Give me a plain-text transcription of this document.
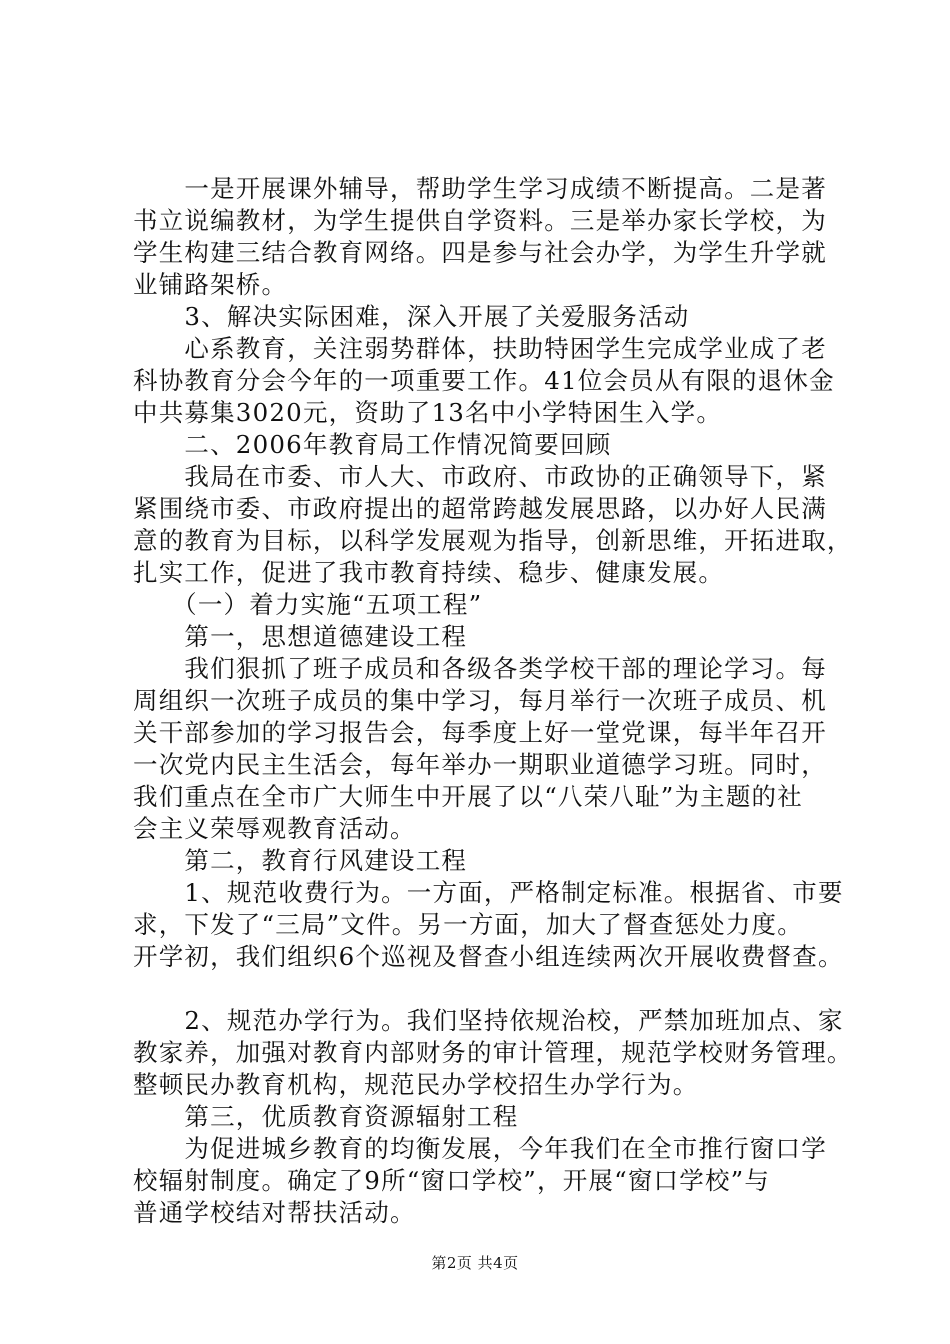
　　一是开展课外辅导，帮助学生学习成绩不断提高。二是著
书立说编教材，为学生提供自学资料。三是举办家长学校，为
学生构建三结合教育网络。四是参与社会办学，为学生升学就
业铺路架桥。
　　3、解决实际困难，深入开展了关爱服务活动
　　心系教育，关注弱势群体，扶助特困学生完成学业成了老
科协教育分会今年的一项重要工作。41位会员从有限的退休金
中共募集3020元，资助了13名中小学特困生入学。
　　二、2006年教育局工作情况简要回顾
　　我局在市委、市人大、市政府、市政协的正确领导下，紧
紧围绕市委、市政府提出的超常跨越发展思路，以办好人民满
意的教育为目标，以科学发展观为指导，创新思维，开拓进取，
扎实工作，促进了我市教育持续、稳步、健康发展。
　　（一）着力实施“五项工程”
　　第一，思想道德建设工程
　　我们狠抓了班子成员和各级各类学校干部的理论学习。每
周组织一次班子成员的集中学习，每月举行一次班子成员、机
关干部参加的学习报告会，每季度上好一堂党课，每半年召开
一次党内民主生活会，每年举办一期职业道德学习班。同时，
我们重点在全市广大师生中开展了以“八荣八耻”为主题的社
会主义荣辱观教育活动。
　　第二，教育行风建设工程
　　1、规范收费行为。一方面，严格制定标准。根据省、市要
求，下发了“三局”文件。另一方面，加大了督查惩处力度。
开学初，我们组织6个巡视及督查小组连续两次开展收费督查。
　　2、规范办学行为。我们坚持依规治校，严禁加班加点、家
教家养，加强对教育内部财务的审计管理，规范学校财务管理。
整顿民办教育机构，规范民办学校招生办学行为。
　　第三，优质教育资源辐射工程
　　为促进城乡教育的均衡发展，今年我们在全市推行窗口学
校辐射制度。确定了9所“窗口学校”，开展“窗口学校”与
普通学校结对帮扶活动。
第2页 共4页
